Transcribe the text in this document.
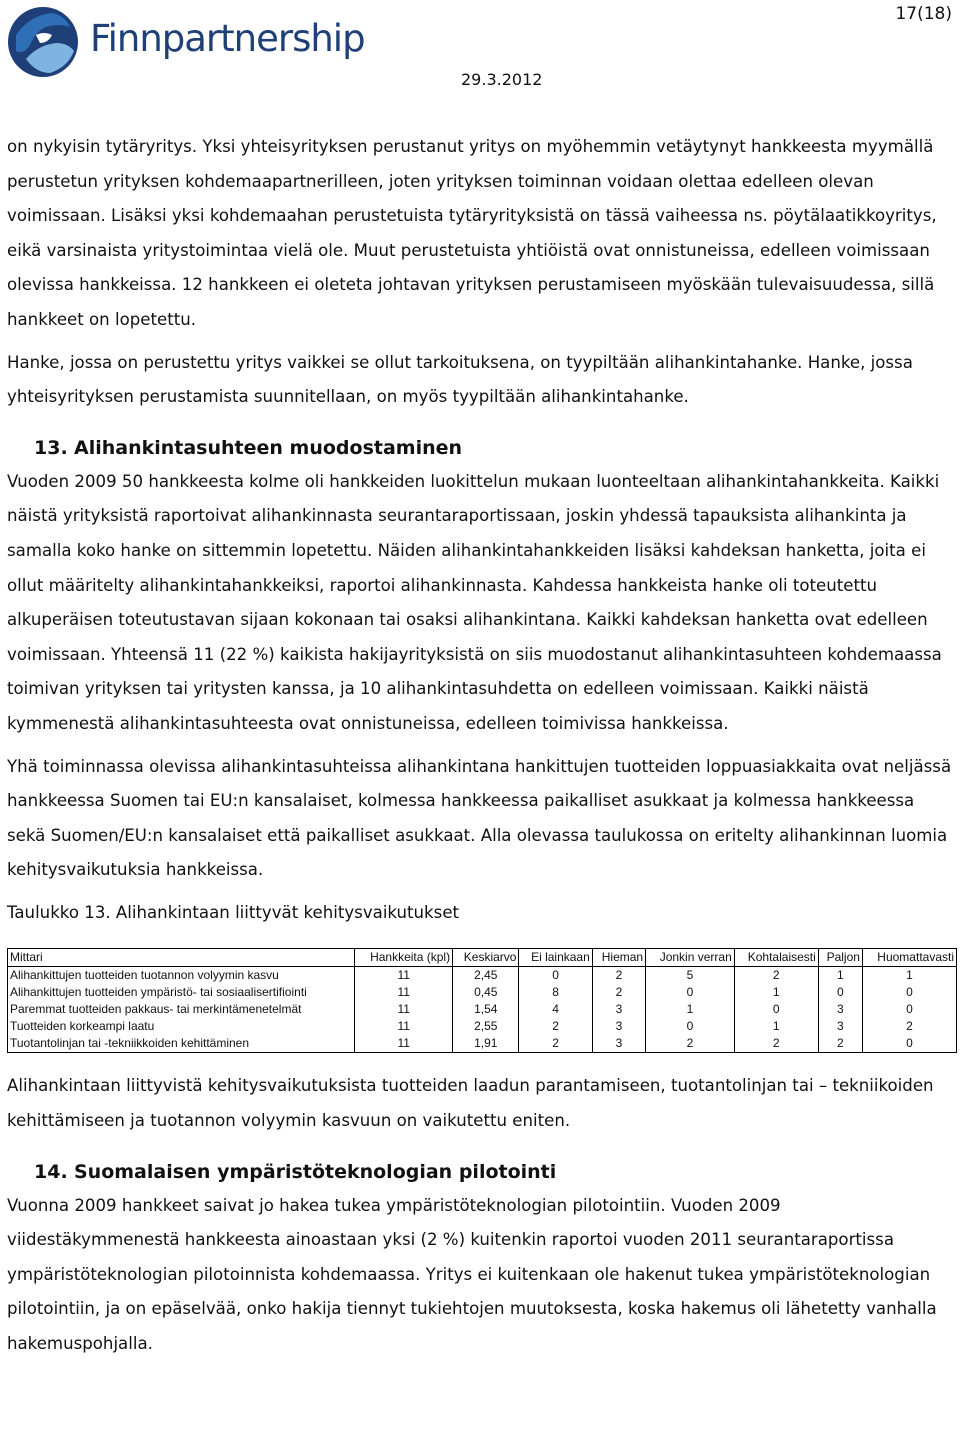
Finnpartnership
17(18)
29.3.2012

on nykyisin tytäryritys. Yksi yhteisyrityksen perustanut yritys on myöhemmin vetäytynyt hankkeesta myymällä perustetun yrityksen kohdemaapartnerilleen, joten yrityksen toiminnan voidaan olettaa edelleen olevan voimissaan. Lisäksi yksi kohdemaahan perustetuista tytäryrityksistä on tässä vaiheessa ns. pöytälaatikkoyritys, eikä varsinaista yritystoimintaa vielä ole. Muut perustetuista yhtiöistä ovat onnistuneissa, edelleen voimissaan olevissa hankkeissa. 12 hankkeen ei oleteta johtavan yrityksen perustamiseen myöskään tulevaisuudessa, sillä hankkeet on lopetettu.

Hanke, jossa on perustettu yritys vaikkei se ollut tarkoituksena, on tyypiltään alihankintahanke. Hanke, jossa yhteisyrityksen perustamista suunnitellaan, on myös tyypiltään alihankintahanke.

13. Alihankintasuhteen muodostaminen

Vuoden 2009 50 hankkeesta kolme oli hankkeiden luokittelun mukaan luonteeltaan alihankintahankkeita. Kaikki näistä yrityksistä raportoivat alihankinnasta seurantaraportissaan, joskin yhdessä tapauksista alihankinta ja samalla koko hanke on sittemmin lopetettu. Näiden alihankintahankkeiden lisäksi kahdeksan hanketta, joita ei ollut määritelty alihankintahankkeiksi, raportoi alihankinnasta. Kahdessa hankkeista hanke oli toteutettu alkuperäisen toteutustavan sijaan kokonaan tai osaksi alihankintana. Kaikki kahdeksan hanketta ovat edelleen voimissaan. Yhteensä 11 (22 %) kaikista hakijayrityksistä on siis muodostanut alihankintasuhteen kohdemaassa toimivan yrityksen tai yritysten kanssa, ja 10 alihankintasuhdetta on edelleen voimissaan. Kaikki näistä kymmenestä alihankintasuhteesta ovat onnistuneissa, edelleen toimivissa hankkeissa.

Yhä toiminnassa olevissa alihankintasuhteissa alihankintana hankittujen tuotteiden loppuasiakkaita ovat neljässä hankkeessa Suomen tai EU:n kansalaiset, kolmessa hankkeessa paikalliset asukkaat ja kolmessa hankkeessa sekä Suomen/EU:n kansalaiset että paikalliset asukkaat. Alla olevassa taulukossa on eritelty alihankinnan luomia kehitysvaikutuksia hankkeissa.

Taulukko 13. Alihankintaan liittyvät kehitysvaikutukset

Mittari	Hankkeita (kpl)	Keskiarvo	Ei lainkaan	Hieman	Jonkin verran	Kohtalaisesti	Paljon	Huomattavasti
Alihankittujen tuotteiden tuotannon volyymin kasvu	11	2,45	0	2	5	2	1	1
Alihankittujen tuotteiden ympäristö- tai sosiaalisertifiointi	11	0,45	8	2	0	1	0	0
Paremmat tuotteiden pakkaus- tai merkintämenetelmät	11	1,54	4	3	1	0	3	0
Tuotteiden korkeampi laatu	11	2,55	2	3	0	1	3	2
Tuotantolinjan tai -tekniikkoiden kehittäminen	11	1,91	2	3	2	2	2	0

Alihankintaan liittyvistä kehitysvaikutuksista tuotteiden laadun parantamiseen, tuotantolinjan tai – tekniikoiden kehittämiseen ja tuotannon volyymin kasvuun on vaikutettu eniten.

14. Suomalaisen ympäristöteknologian pilotointi

Vuonna 2009 hankkeet saivat jo hakea tukea ympäristöteknologian pilotointiin. Vuoden 2009 viidestäkymmenestä hankkeesta ainoastaan yksi (2 %) kuitenkin raportoi vuoden 2011 seurantaraportissa ympäristöteknologian pilotoinnista kohdemaassa. Yritys ei kuitenkaan ole hakenut tukea ympäristöteknologian pilotointiin, ja on epäselvää, onko hakija tiennyt tukiehtojen muutoksesta, koska hakemus oli lähetetty vanhalla hakemuspohjalla.
